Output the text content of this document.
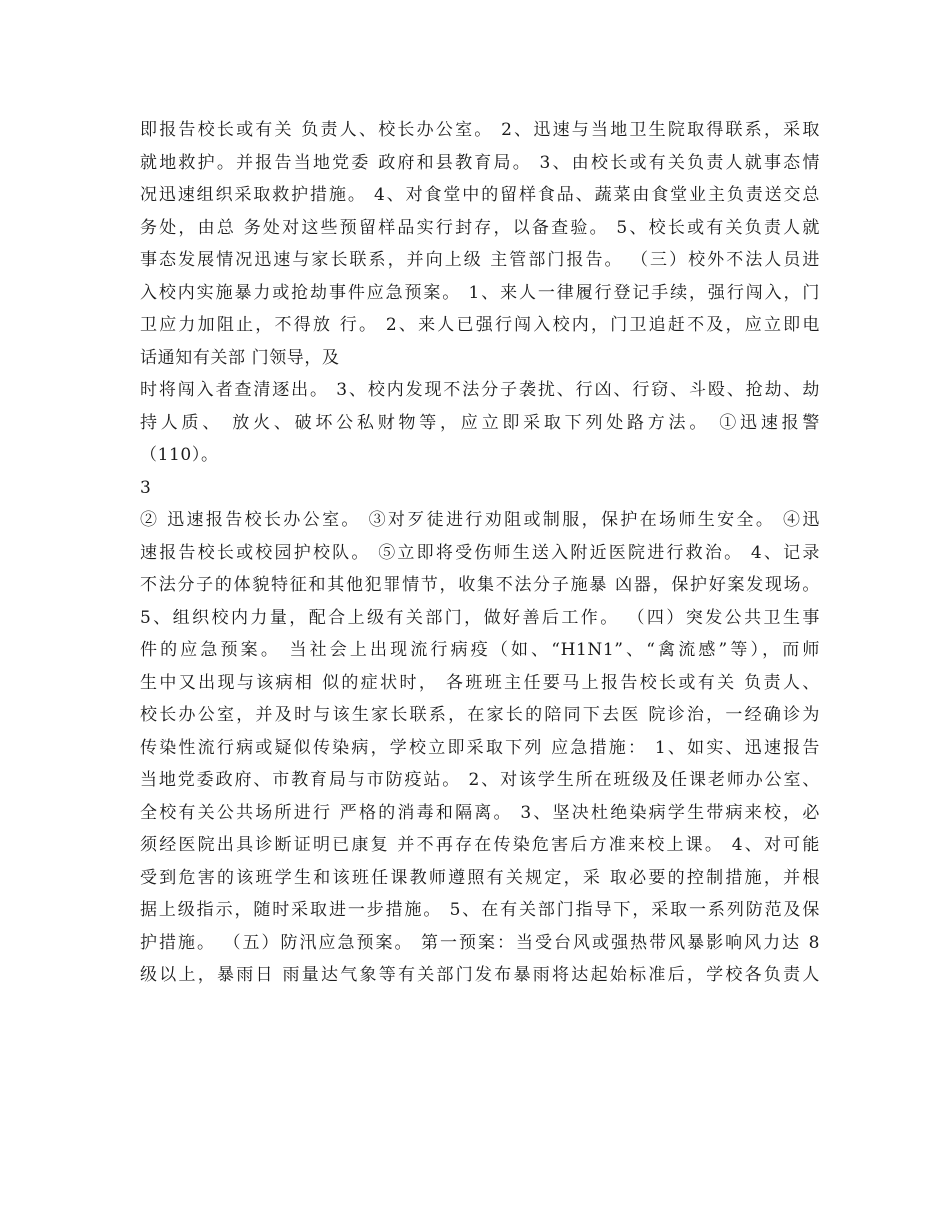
即报告校长或有关 负责人、校长办公室。 2、迅速与当地卫生院取得联系，采取
就地救护。并报告当地党委 政府和县教育局。 3、由校长或有关负责人就事态情
况迅速组织采取救护措施。 4、对食堂中的留样食品、蔬菜由食堂业主负责送交总
务处，由总 务处对这些预留样品实行封存，以备查验。 5、校长或有关负责人就
事态发展情况迅速与家长联系，并向上级 主管部门报告。 （三）校外不法人员进
入校内实施暴力或抢劫事件应急预案。 1、来人一律履行登记手续，强行闯入，门
卫应力加阻止，不得放 行。 2、来人已强行闯入校内，门卫追赶不及，应立即电
话通知有关部 门领导，及
时将闯入者查清逐出。 3、校内发现不法分子袭扰、行凶、行窃、斗殴、抢劫、劫
持人质、 放火、破坏公私财物等，应立即采取下列处路方法。 ①迅速报警
（110）。
3
② 迅速报告校长办公室。 ③对歹徒进行劝阻或制服，保护在场师生安全。 ④迅
速报告校长或校园护校队。 ⑤立即将受伤师生送入附近医院进行救治。 4、记录
不法分子的体貌特征和其他犯罪情节，收集不法分子施暴 凶器，保护好案发现场。
5、组织校内力量，配合上级有关部门，做好善后工作。 （四）突发公共卫生事
件的应急预案。 当社会上出现流行病疫（如、“H1N1”、“禽流感”等），而师
生中又出现与该病相 似的症状时， 各班班主任要马上报告校长或有关 负责人、
校长办公室，并及时与该生家长联系，在家长的陪同下去医 院诊治，一经确诊为
传染性流行病或疑似传染病，学校立即采取下列 应急措施： 1、如实、迅速报告
当地党委政府、市教育局与市防疫站。 2、对该学生所在班级及任课老师办公室、
全校有关公共场所进行 严格的消毒和隔离。 3、坚决杜绝染病学生带病来校，必
须经医院出具诊断证明已康复 并不再存在传染危害后方准来校上课。 4、对可能
受到危害的该班学生和该班任课教师遵照有关规定，采 取必要的控制措施，并根
据上级指示，随时采取进一步措施。 5、在有关部门指导下，采取一系列防范及保
护措施。 （五）防汛应急预案。 第一预案：当受台风或强热带风暴影响风力达 8
级以上，暴雨日 雨量达气象等有关部门发布暴雨将达起始标准后，学校各负责人
